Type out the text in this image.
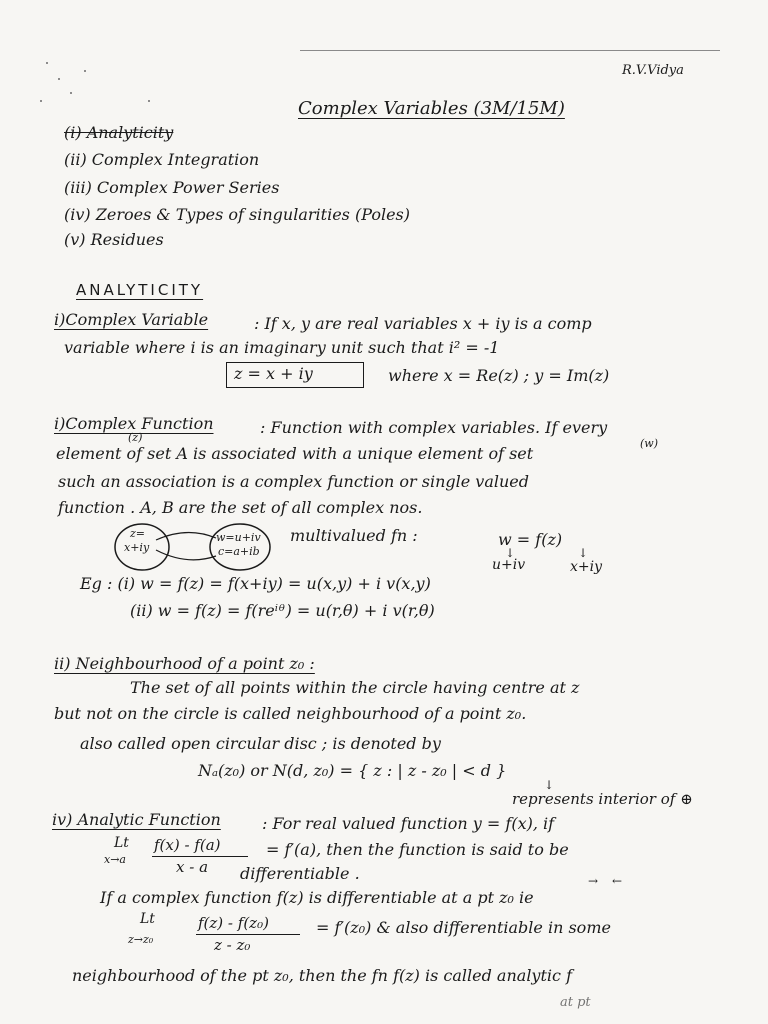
R.V.Vidya
Complex Variables (3M/15M)
(i) Analyticity
(ii) Complex Integration
(iii) Complex Power Series
(iv) Zeroes & Types of singularities (Poles)
(v) Residues
ANALYTICITY
i)Complex Variable	: If x, y are real variables x + iy is a comp
variable where i is an imaginary unit such that i² = -1
z = x + iy	where x = Re(z) ; y = Im(z)
i)Complex Function	: Function with complex variables. If every
(z)	(w)
element of set A is associated with a unique element of set
such an association is a complex function or single valued
function . A, B are the set of all complex nos.
z=
x+iy
w=u+iv
c=a+ib
multivalued fn :	w = f(z)
↓	↓
u+iv	x+iy
Eg : (i) w = f(z) = f(x+iy) = u(x,y) + i v(x,y)
(ii) w = f(z) = f(reⁱᶿ) = u(r,θ) + i v(r,θ)
ii) Neighbourhood of a point z₀ :
The set of all points within the circle having centre at z
but not on the circle is called neighbourhood of a point z₀.
also called open circular disc ; is denoted by
Nₐ(z₀) or N(d, z₀) = { z : | z - z₀ | < d }
↓
represents interior of ⊕
iv) Analytic Function	: For real valued function y = f(x), if
Lt
x→a
f(x) - f(a)
x - a
= f′(a), then the function is said to be
differentiable .	→ ←
If a complex function f(z) is differentiable at a pt z₀ ie
Lt
z→z₀
f(z) - f(z₀)
z - z₀
= f′(z₀) & also differentiable in some
neighbourhood of the pt z₀, then the fn f(z) is called analytic f
at pt
